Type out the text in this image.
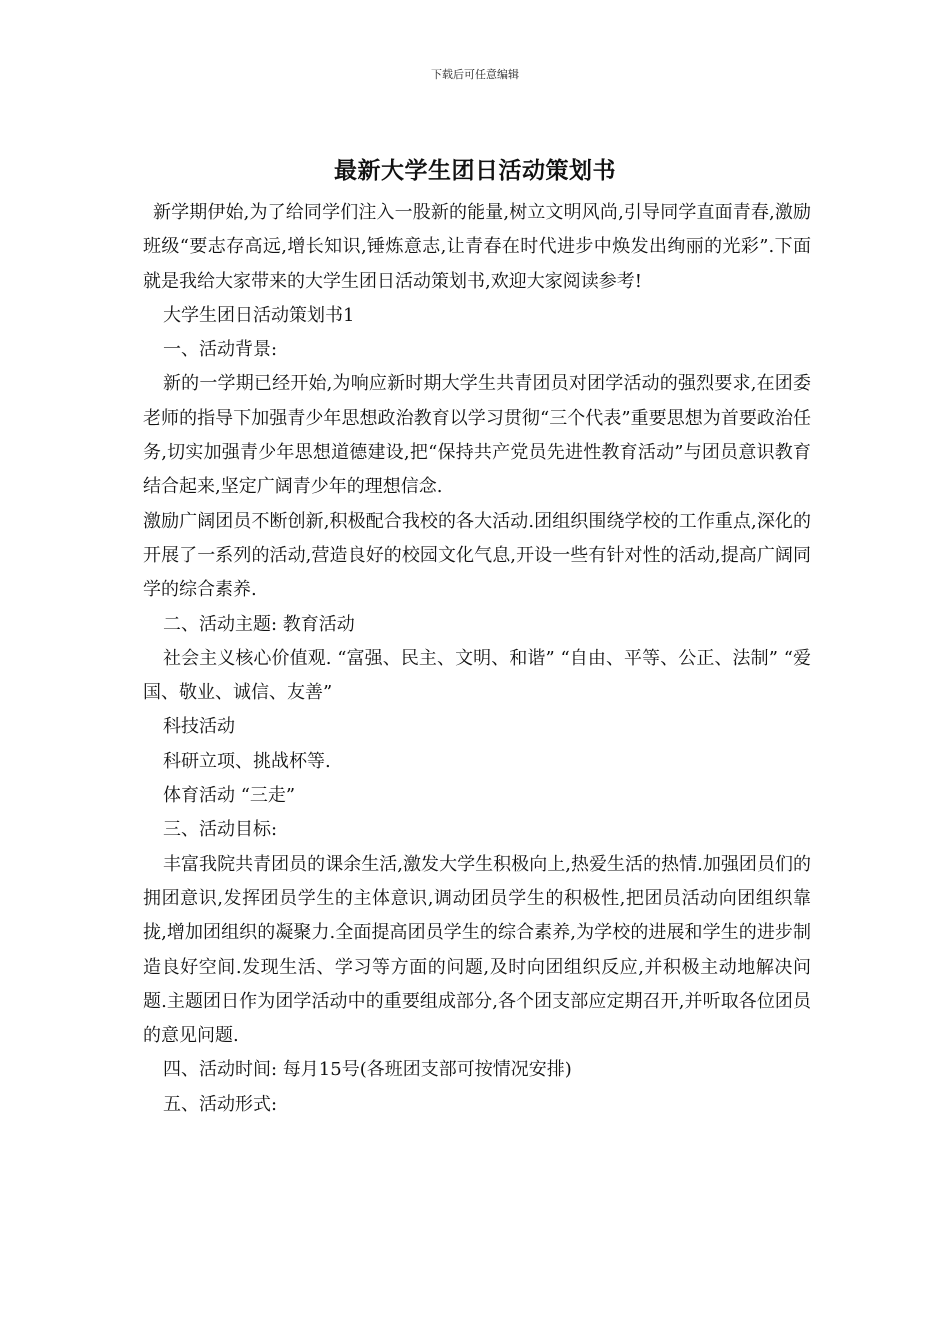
下载后可任意编辑
最新大学生团日活动策划书

新学期伊始,为了给同学们注入一股新的能量,树立文明风尚,引导同学直面青春,激励班级“要志存高远,增长知识,锤炼意志,让青春在时代进步中焕发出绚丽的光彩”.下面就是我给大家带来的大学生团日活动策划书,欢迎大家阅读参考!

大学生团日活动策划书1

一、活动背景:

新的一学期已经开始,为响应新时期大学生共青团员对团学活动的强烈要求,在团委老师的指导下加强青少年思想政治教育以学习贯彻“三个代表”重要思想为首要政治任务,切实加强青少年思想道德建设,把“保持共产党员先进性教育活动”与团员意识教育结合起来,坚定广阔青少年的理想信念.

激励广阔团员不断创新,积极配合我校的各大活动.团组织围绕学校的工作重点,深化的开展了一系列的活动,营造良好的校园文化气息,开设一些有针对性的活动,提高广阔同学的综合素养.

二、活动主题: 教育活动

社会主义核心价值观. “富强、民主、文明、和谐” “自由、平等、公正、法制” “爱国、敬业、诚信、友善”

科技活动

科研立项、挑战杯等.

体育活动 “三走”

三、活动目标:

丰富我院共青团员的课余生活,激发大学生积极向上,热爱生活的热情.加强团员们的拥团意识,发挥团员学生的主体意识,调动团员学生的积极性,把团员活动向团组织靠拢,增加团组织的凝聚力.全面提高团员学生的综合素养,为学校的进展和学生的进步制造良好空间.发现生活、学习等方面的问题,及时向团组织反应,并积极主动地解决问题.主题团日作为团学活动中的重要组成部分,各个团支部应定期召开,并听取各位团员的意见问题.

四、活动时间: 每月15号(各班团支部可按情况安排)

五、活动形式:
